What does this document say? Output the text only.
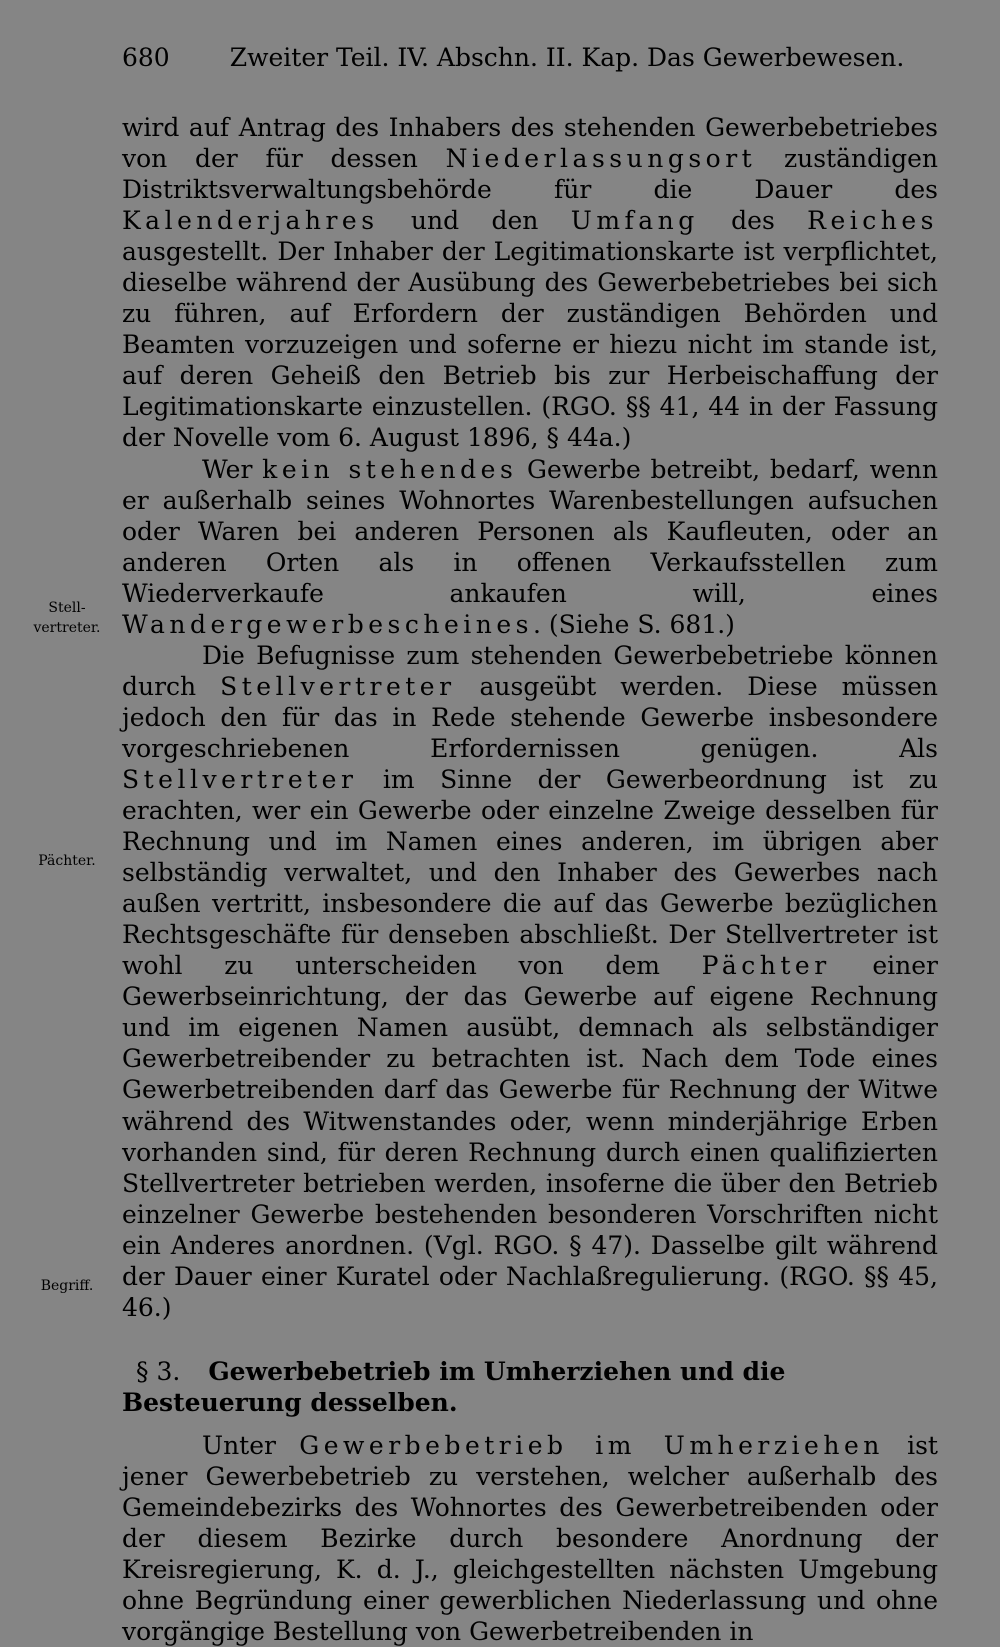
680 Zweiter Teil. IV. Abschn. II. Kap. Das Gewerbewesen.
Stell-
vertreter.
Pächter.
Begriff.

wird auf Antrag des Inhabers des stehenden Gewerbebetriebes von der für dessen Niederlassungsort zuständigen Distriktsverwaltungsbehörde für die Dauer des Kalenderjahres und den Umfang des Reiches ausgestellt. Der Inhaber der Legitimationskarte ist verpflichtet, dieselbe während der Ausübung des Gewerbebetriebes bei sich zu führen, auf Erfordern der zuständigen Behörden und Beamten vorzuzeigen und soferne er hiezu nicht im stande ist, auf deren Geheiß den Betrieb bis zur Herbeischaffung der Legitimationskarte einzustellen. (RGO. §§ 41, 44 in der Fassung der Novelle vom 6. August 1896, § 44a.)

Wer kein stehendes Gewerbe betreibt, bedarf, wenn er außerhalb seines Wohnortes Warenbestellungen aufsuchen oder Waren bei anderen Personen als Kaufleuten, oder an anderen Orten als in offenen Verkaufsstellen zum Wiederverkaufe ankaufen will, eines Wandergewerbescheines. (Siehe S. 681.)

Die Befugnisse zum stehenden Gewerbebetriebe können durch Stellvertreter ausgeübt werden. Diese müssen jedoch den für das in Rede stehende Gewerbe insbesondere vorgeschriebenen Erfordernissen genügen. Als Stellvertreter im Sinne der Gewerbeordnung ist zu erachten, wer ein Gewerbe oder einzelne Zweige desselben für Rechnung und im Namen eines anderen, im übrigen aber selbständig verwaltet, und den Inhaber des Gewerbes nach außen vertritt, insbesondere die auf das Gewerbe bezüglichen Rechtsgeschäfte für denseben abschließt. Der Stellvertreter ist wohl zu unterscheiden von dem Pächter einer Gewerbseinrichtung, der das Gewerbe auf eigene Rechnung und im eigenen Namen ausübt, demnach als selbständiger Gewerbetreibender zu betrachten ist. Nach dem Tode eines Gewerbetreibenden darf das Gewerbe für Rechnung der Witwe während des Witwenstandes oder, wenn minderjährige Erben vorhanden sind, für deren Rechnung durch einen qualifizierten Stellvertreter betrieben werden, insoferne die über den Betrieb einzelner Gewerbe bestehenden besonderen Vorschriften nicht ein Anderes anordnen. (Vgl. RGO. § 47). Dasselbe gilt während der Dauer einer Kuratel oder Nachlaßregulierung. (RGO. §§ 45, 46.)

§ 3. Gewerbebetrieb im Umherziehen und die Besteuerung desselben.

Unter Gewerbebetrieb im Umherziehen ist jener Gewerbebetrieb zu verstehen, welcher außerhalb des Gemeindebezirks des Wohnortes des Gewerbetreibenden oder der diesem Bezirke durch besondere Anordnung der Kreisregierung, K. d. J., gleichgestellten nächsten Umgebung ohne Begründung einer gewerblichen Niederlassung und ohne vorgängige Bestellung von Gewerbetreibenden in
